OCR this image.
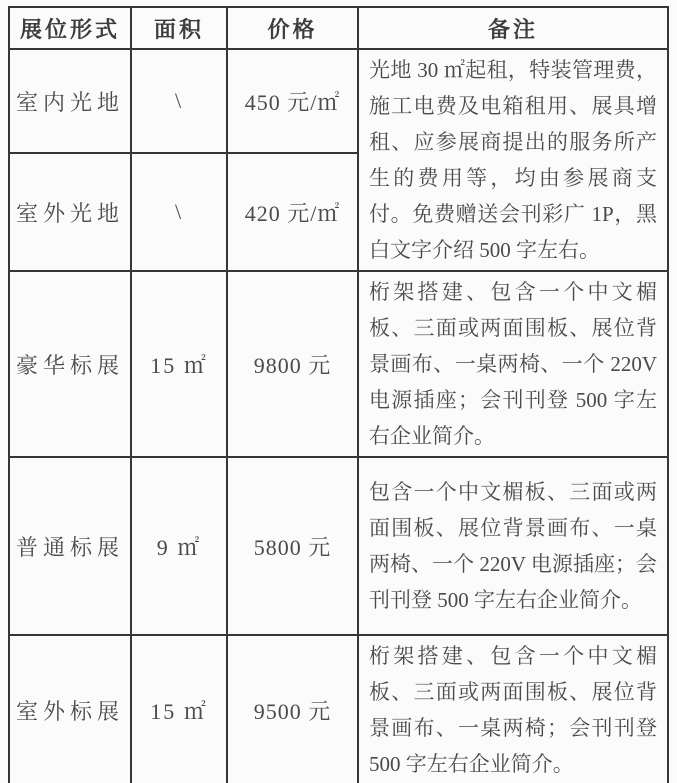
展位形式	面积	价格	备注
室内光地	\	450 元/㎡	光地 30 ㎡起租，特装管理费，施工电费及电箱租用、展具增租、应参展商提出的服务所产生的费用等，均由参展商支付。免费赠送会刊彩广 1P，黑白文字介绍 500 字左右。
室外光地	\	420 元/㎡	
豪华标展	15 ㎡	9800 元	桁架搭建、包含一个中文楣板、三面或两面围板、展位背景画布、一桌两椅、一个 220V 电源插座；会刊刊登 500 字左右企业简介。
普通标展	9 ㎡	5800 元	包含一个中文楣板、三面或两面围板、展位背景画布、一桌两椅、一个 220V 电源插座；会刊刊登 500 字左右企业简介。
室外标展	15 ㎡	9500 元	桁架搭建、包含一个中文楣板、三面或两面围板、展位背景画布、一桌两椅；会刊刊登 500 字左右企业简介。
